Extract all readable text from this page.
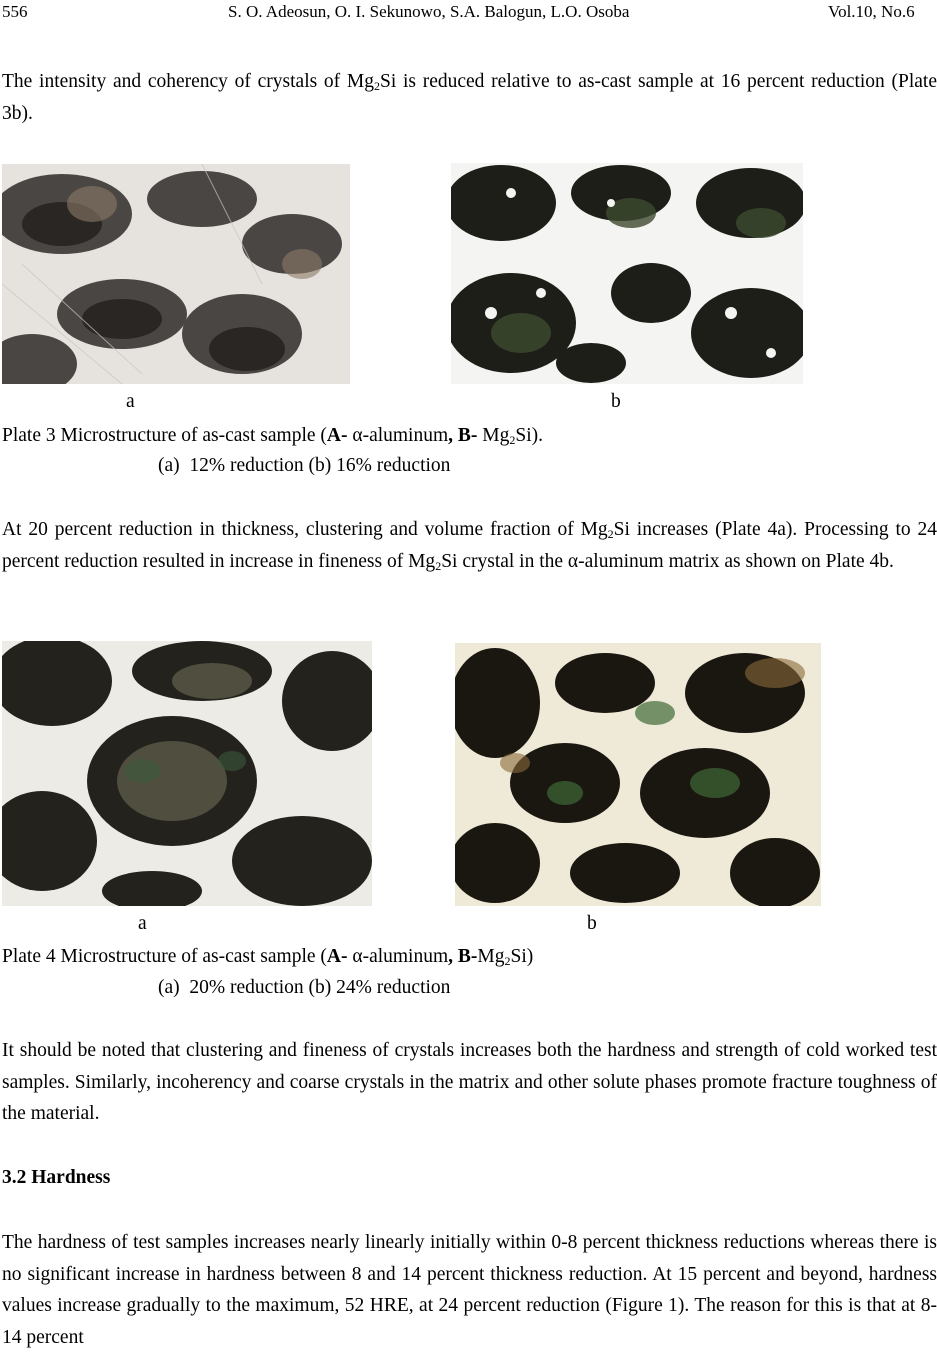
556	S. O. Adeosun, O. I. Sekunowo, S.A. Balogun, L.O. Osoba	Vol.10, No.6

The intensity and coherency of crystals of $Mg_2Si$ is reduced relative to as-cast sample at 16 percent reduction (Plate 3b).

a	b
Plate 3 Microstructure of as-cast sample (A- α-aluminum, B- $Mg_2Si$).
(a) 12% reduction (b) 16% reduction

At 20 percent reduction in thickness, clustering and volume fraction of $Mg_2Si$ increases (Plate 4a). Processing to 24 percent reduction resulted in increase in fineness of $Mg_2Si$ crystal in the α-aluminum matrix as shown on Plate 4b.

a	b
Plate 4 Microstructure of as-cast sample (A- α-aluminum, $B-Mg_2Si$)
(a) 20% reduction (b) 24% reduction

It should be noted that clustering and fineness of crystals increases both the hardness and strength of cold worked test samples. Similarly, incoherency and coarse crystals in the matrix and other solute phases promote fracture toughness of the material.

3.2 Hardness

The hardness of test samples increases nearly linearly initially within 0-8 percent thickness reductions whereas there is no significant increase in hardness between 8 and 14 percent thickness reduction. At 15 percent and beyond, hardness values increase gradually to the maximum, 52 HRE, at 24 percent reduction (Figure 1). The reason for this is that at 8-14 percent
